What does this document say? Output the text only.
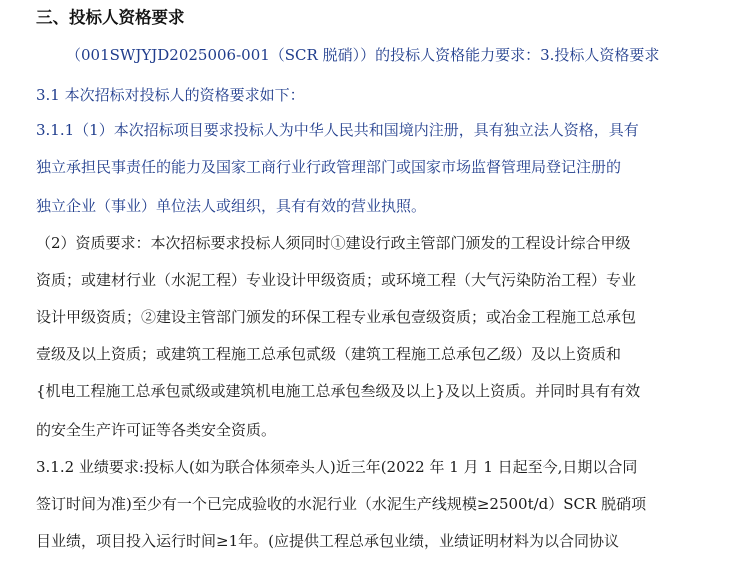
三、投标人资格要求
（001SWJYJD2025006-001（SCR 脱硝））的投标人资格能力要求：3.投标人资格要求
3.1 本次招标对投标人的资格要求如下：
3.1.1（1）本次招标项目要求投标人为中华人民共和国境内注册，具有独立法人资格，具有
独立承担民事责任的能力及国家工商行业行政管理部门或国家市场监督管理局登记注册的
独立企业（事业）单位法人或组织，具有有效的营业执照。
（2）资质要求：本次招标要求投标人须同时①建设行政主管部门颁发的工程设计综合甲级
资质；或建材行业（水泥工程）专业设计甲级资质；或环境工程（大气污染防治工程）专业
设计甲级资质；②建设主管部门颁发的环保工程专业承包壹级资质；或冶金工程施工总承包
壹级及以上资质；或建筑工程施工总承包贰级（建筑工程施工总承包乙级）及以上资质和
{机电工程施工总承包贰级或建筑机电施工总承包叁级及以上}及以上资质。并同时具有有效
的安全生产许可证等各类安全资质。
3.1.2 业绩要求:投标人(如为联合体须牵头人)近三年(2022 年 1 月 1 日起至今,日期以合同
签订时间为准)至少有一个已完成验收的水泥行业（水泥生产线规模≥2500t/d）SCR 脱硝项
目业绩，项目投入运行时间≥1年。(应提供工程总承包业绩，业绩证明材料为以合同协议
